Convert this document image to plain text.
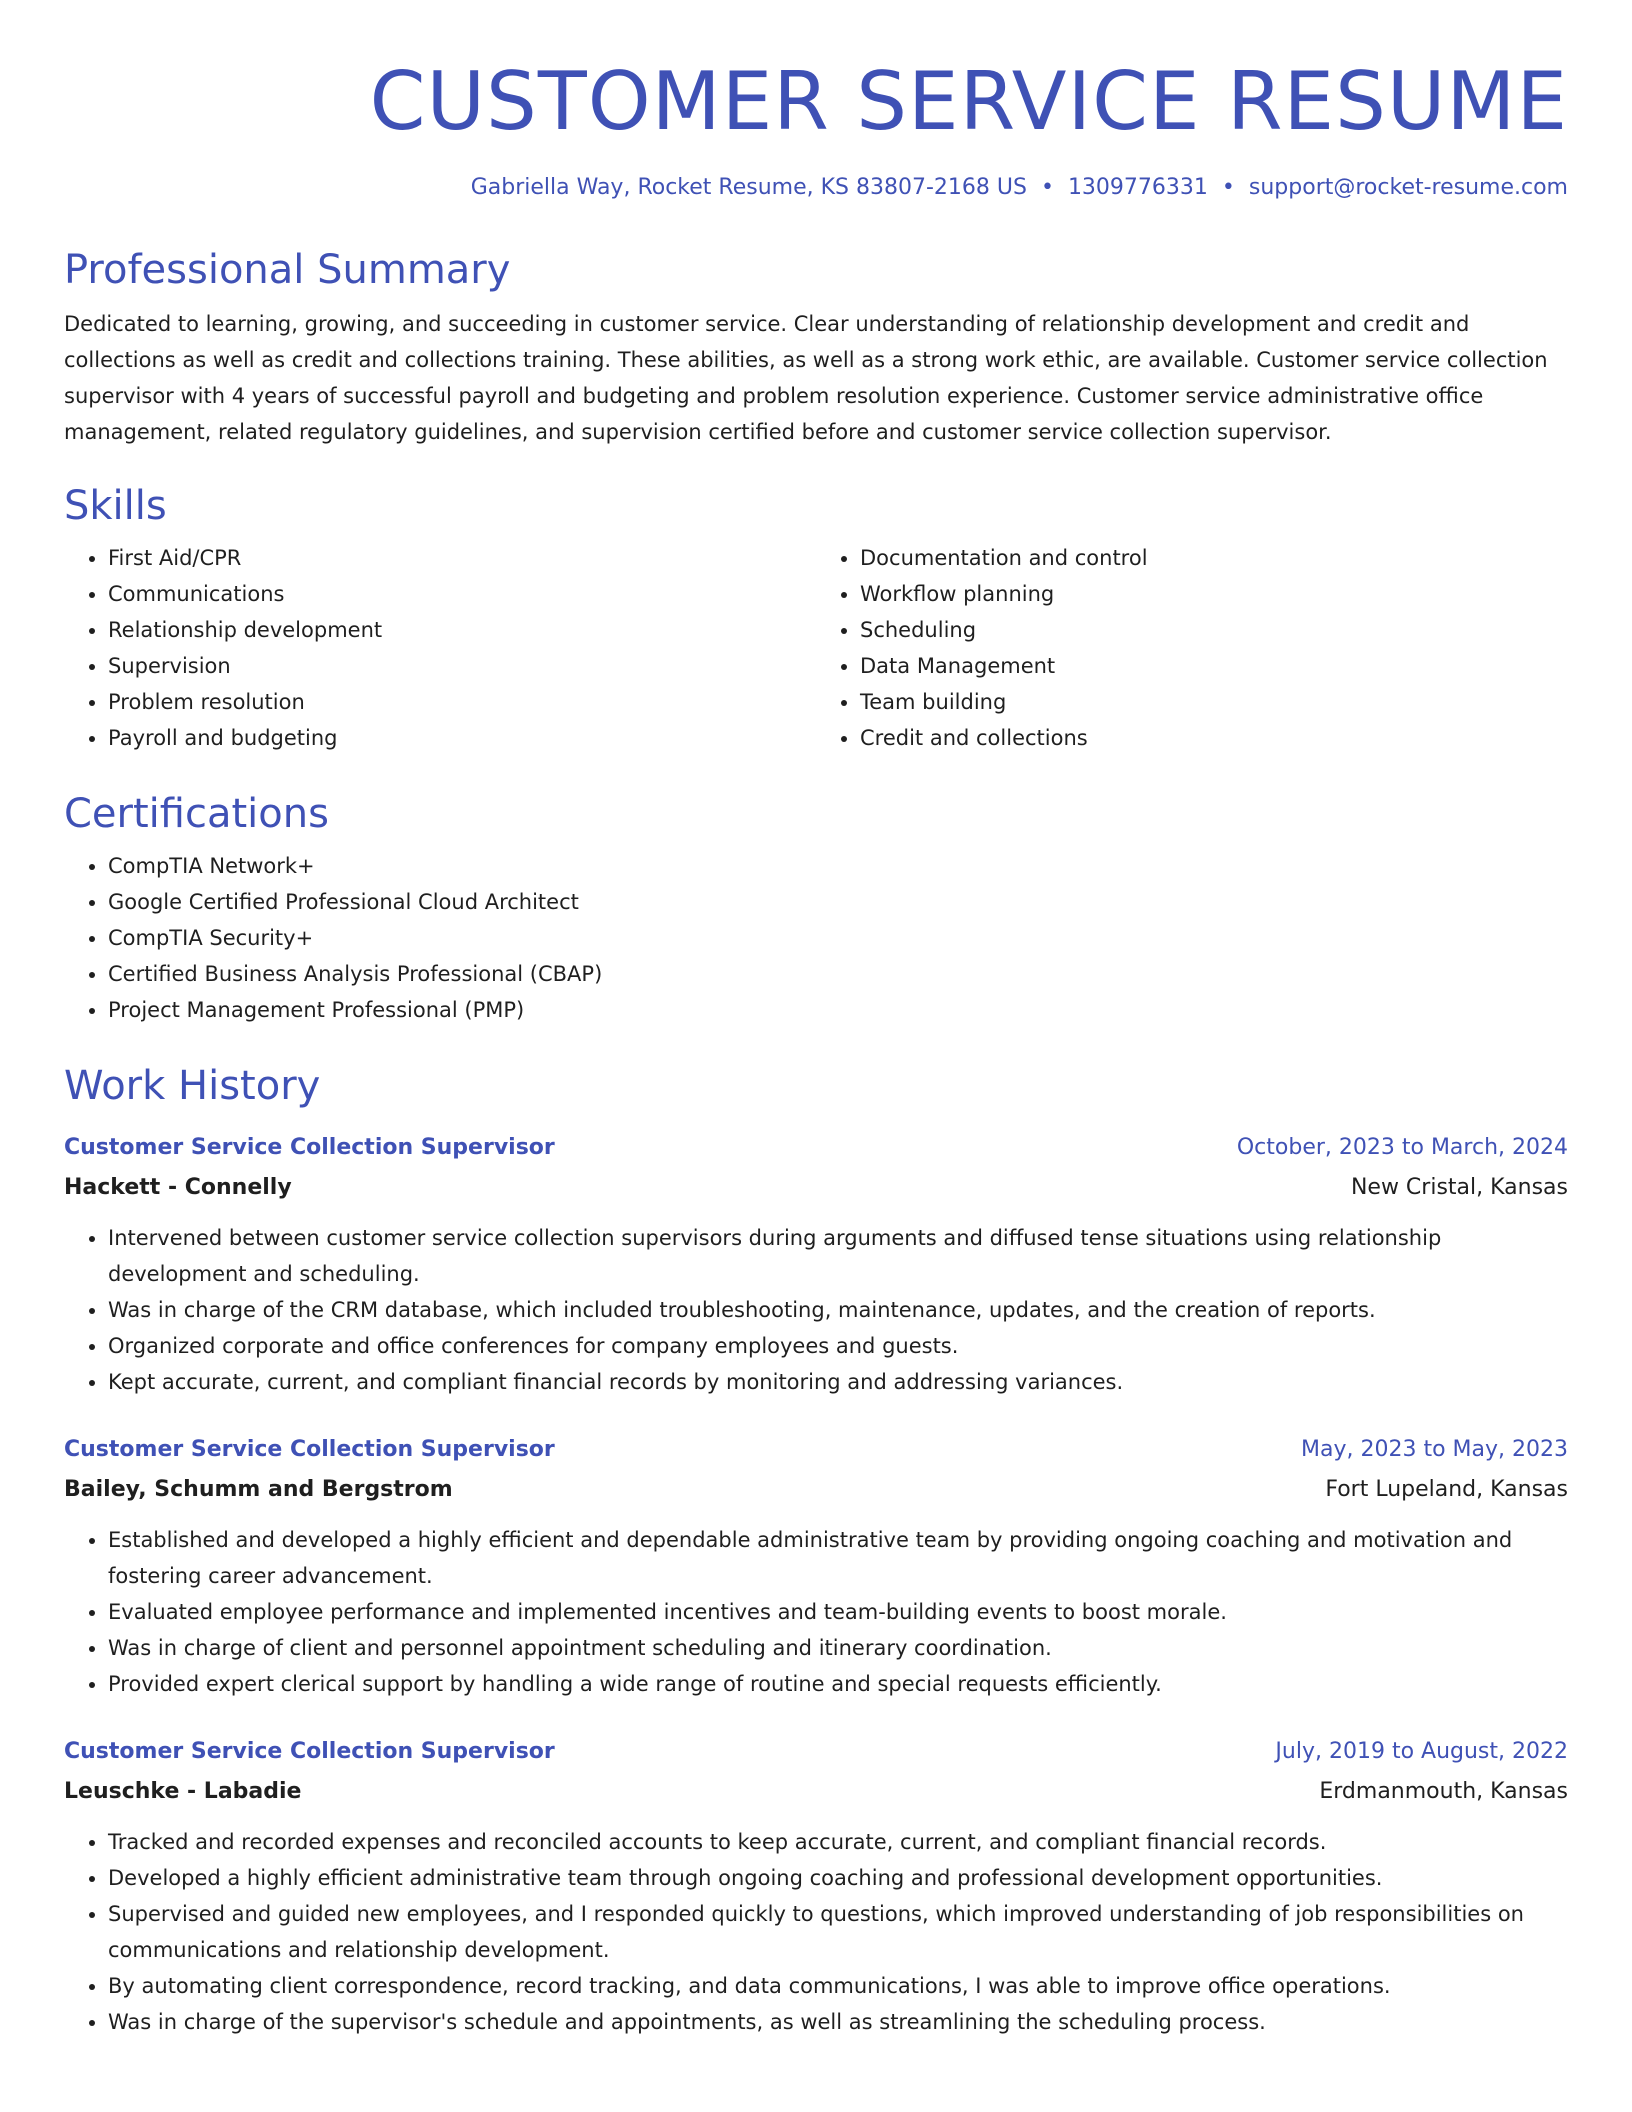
CUSTOMER SERVICE RESUME
Gabriella Way, Rocket Resume, KS 83807-2168 US • 1309776331 • support@rocket-resume.com
Professional Summary

Dedicated to learning, growing, and succeeding in customer service. Clear understanding of relationship development and credit and collections as well as credit and collections training. These abilities, as well as a strong work ethic, are available. Customer service collection supervisor with 4 years of successful payroll and budgeting and problem resolution experience. Customer service administrative office management, related regulatory guidelines, and supervision certified before and customer service collection supervisor.

Skills
• First Aid/CPR
• Communications
• Relationship development
• Supervision
• Problem resolution
• Payroll and budgeting
• Documentation and control
• Workflow planning
• Scheduling
• Data Management
• Team building
• Credit and collections
Certifications
• CompTIA Network+
• Google Certified Professional Cloud Architect
• CompTIA Security+
• Certified Business Analysis Professional (CBAP)
• Project Management Professional (PMP)
Work History
Customer Service Collection Supervisor	October, 2023 to March, 2024
Hackett - Connelly	New Cristal, Kansas
• Intervened between customer service collection supervisors during arguments and diffused tense situations using relationship development and scheduling.
• Was in charge of the CRM database, which included troubleshooting, maintenance, updates, and the creation of reports.
• Organized corporate and office conferences for company employees and guests.
• Kept accurate, current, and compliant financial records by monitoring and addressing variances.
Customer Service Collection Supervisor	May, 2023 to May, 2023
Bailey, Schumm and Bergstrom	Fort Lupeland, Kansas
• Established and developed a highly efficient and dependable administrative team by providing ongoing coaching and motivation and fostering career advancement.
• Evaluated employee performance and implemented incentives and team-building events to boost morale.
• Was in charge of client and personnel appointment scheduling and itinerary coordination.
• Provided expert clerical support by handling a wide range of routine and special requests efficiently.
Customer Service Collection Supervisor	July, 2019 to August, 2022
Leuschke - Labadie	Erdmanmouth, Kansas
• Tracked and recorded expenses and reconciled accounts to keep accurate, current, and compliant financial records.
• Developed a highly efficient administrative team through ongoing coaching and professional development opportunities.
• Supervised and guided new employees, and I responded quickly to questions, which improved understanding of job responsibilities on communications and relationship development.
• By automating client correspondence, record tracking, and data communications, I was able to improve office operations.
• Was in charge of the supervisor's schedule and appointments, as well as streamlining the scheduling process.
